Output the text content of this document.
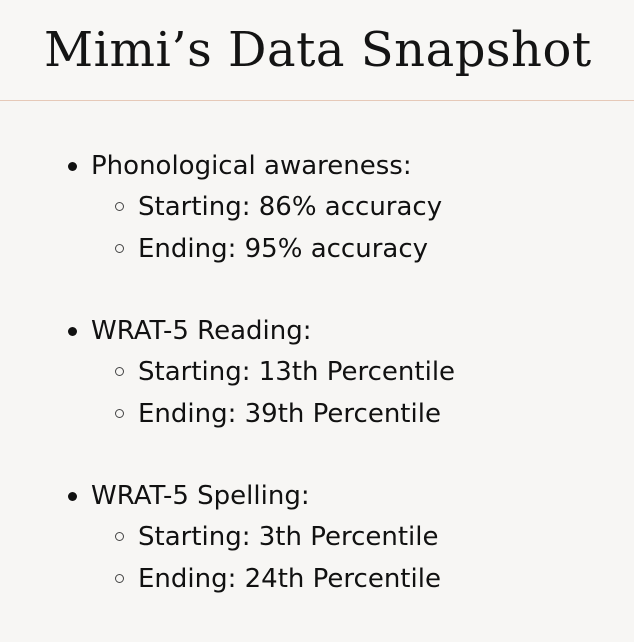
Mimi’s Data Snapshot
Phonological awareness:
Starting: 86% accuracy
Ending: 95% accuracy
WRAT-5 Reading:
Starting: 13th Percentile
Ending: 39th Percentile
WRAT-5 Spelling:
Starting: 3th Percentile
Ending: 24th Percentile
